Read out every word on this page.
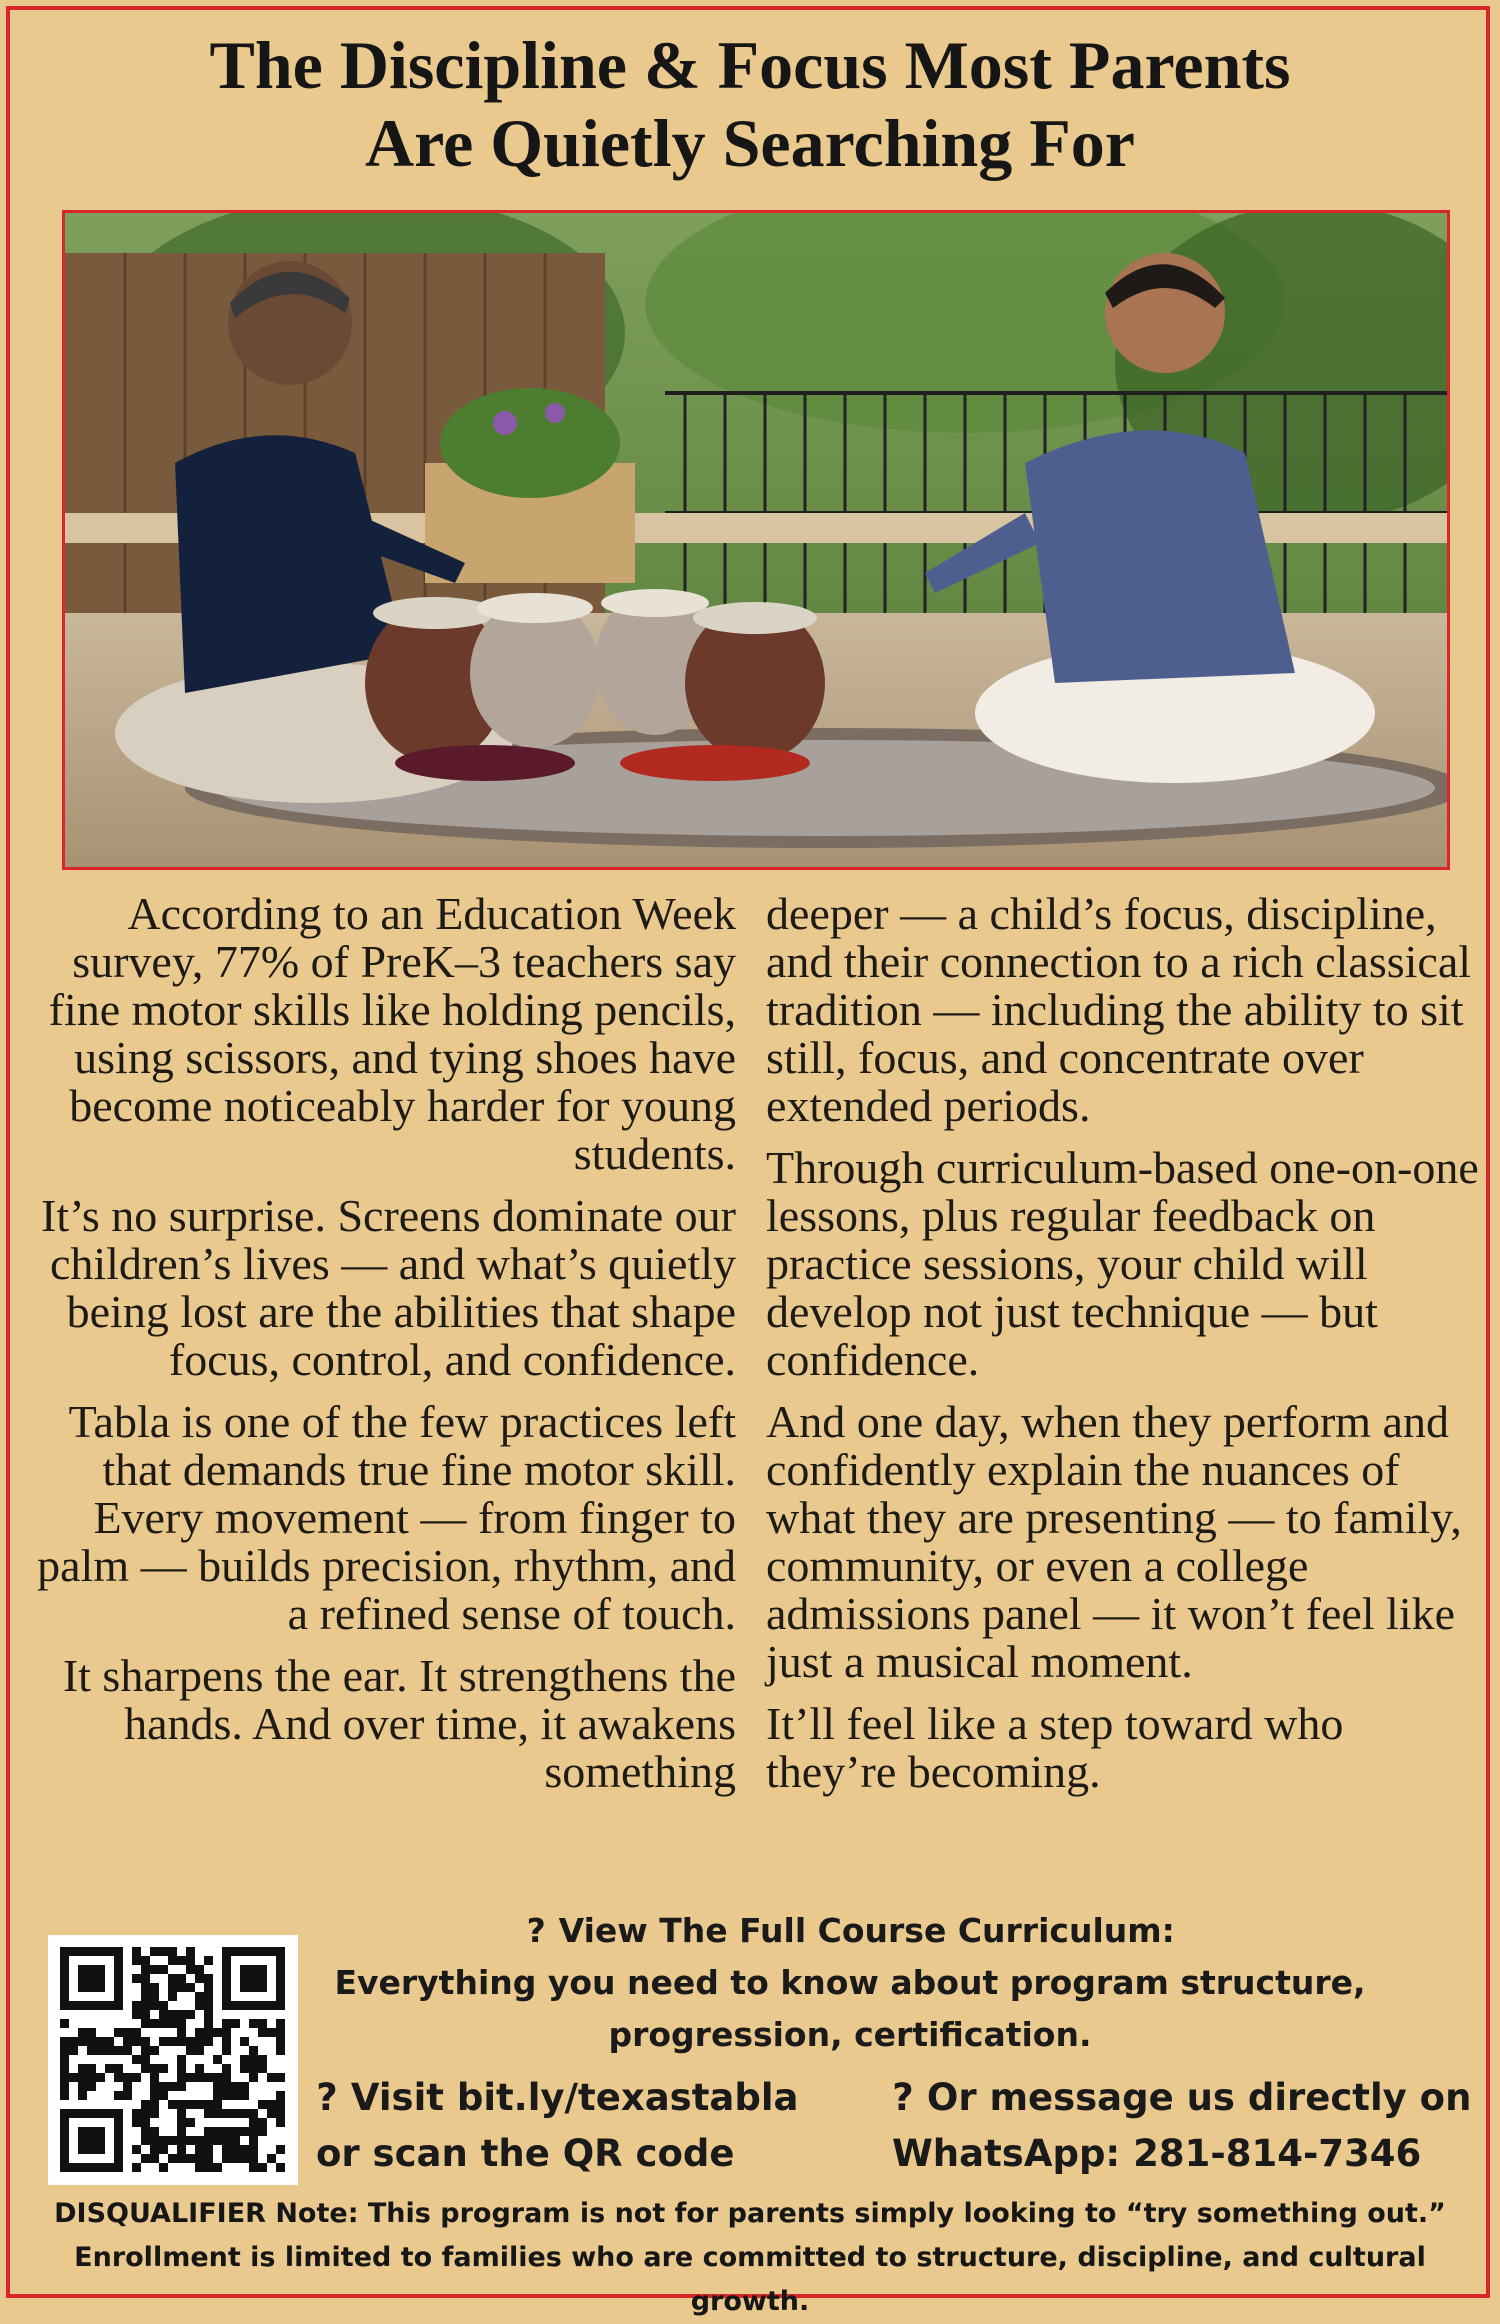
The Discipline & Focus Most Parents
Are Quietly Searching For

According to an Education Week survey, 77% of PreK–3 teachers say fine motor skills like holding pencils, using scissors, and tying shoes have become noticeably harder for young students.

It’s no surprise. Screens dominate our children’s lives — and what’s quietly being lost are the abilities that shape focus, control, and confidence.

Tabla is one of the few practices left that demands true fine motor skill. Every movement — from finger to palm — builds precision, rhythm, and a refined sense of touch.

It sharpens the ear. It strengthens the hands. And over time, it awakens something

deeper — a child’s focus, discipline, and their connection to a rich classical tradition — including the ability to sit still, focus, and concentrate over extended periods.

Through curriculum-based one-on-one lessons, plus regular feedback on practice sessions, your child will develop not just technique — but confidence.

And one day, when they perform and confidently explain the nuances of what they are presenting — to family, community, or even a college admissions panel — it won’t feel like just a musical moment.

It’ll feel like a step toward who they’re becoming.

? View The Full Course Curriculum:
Everything you need to know about program structure,
progression, certification.
? Visit bit.ly/texastabla
or scan the QR code
? Or message us directly on
WhatsApp: 281-814-7346
DISQUALIFIER Note: This program is not for parents simply looking to “try something out.”
Enrollment is limited to families who are committed to structure, discipline, and cultural growth.
